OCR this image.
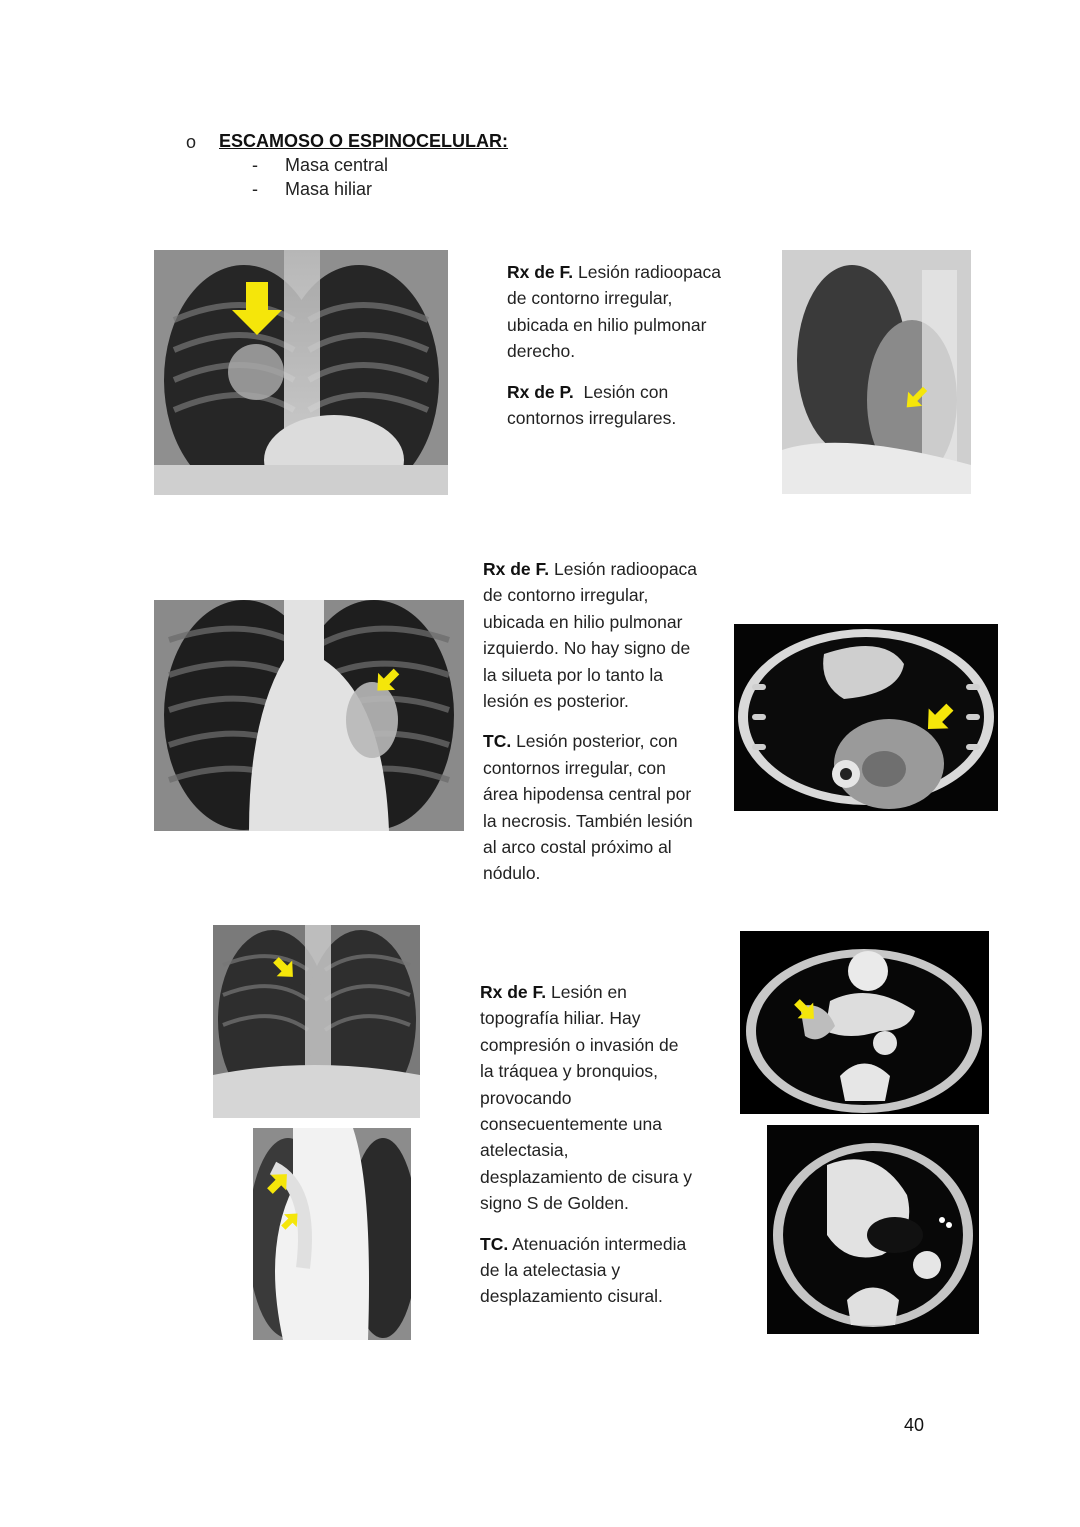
o ESCAMOSO O ESPINOCELULAR:
- Masa central
- Masa hiliar

Rx de F. Lesión radioopaca
de contorno irregular,
ubicada en hilio pulmonar
derecho.

Rx de P. Lesión con
contornos irregulares.

Rx de F. Lesión radioopaca
de contorno irregular,
ubicada en hilio pulmonar
izquierdo. No hay signo de
la silueta por lo tanto la
lesión es posterior.

TC. Lesión posterior, con
contornos irregular, con
área hipodensa central por
la necrosis. También lesión
al arco costal próximo al
nódulo.

Rx de F. Lesión en
topografía hiliar. Hay
compresión o invasión de
la tráquea y bronquios,
provocando
consecuentemente una
atelectasia,
desplazamiento de cisura y
signo S de Golden.

TC. Atenuación intermedia
de la atelectasia y
desplazamiento cisural.

40
